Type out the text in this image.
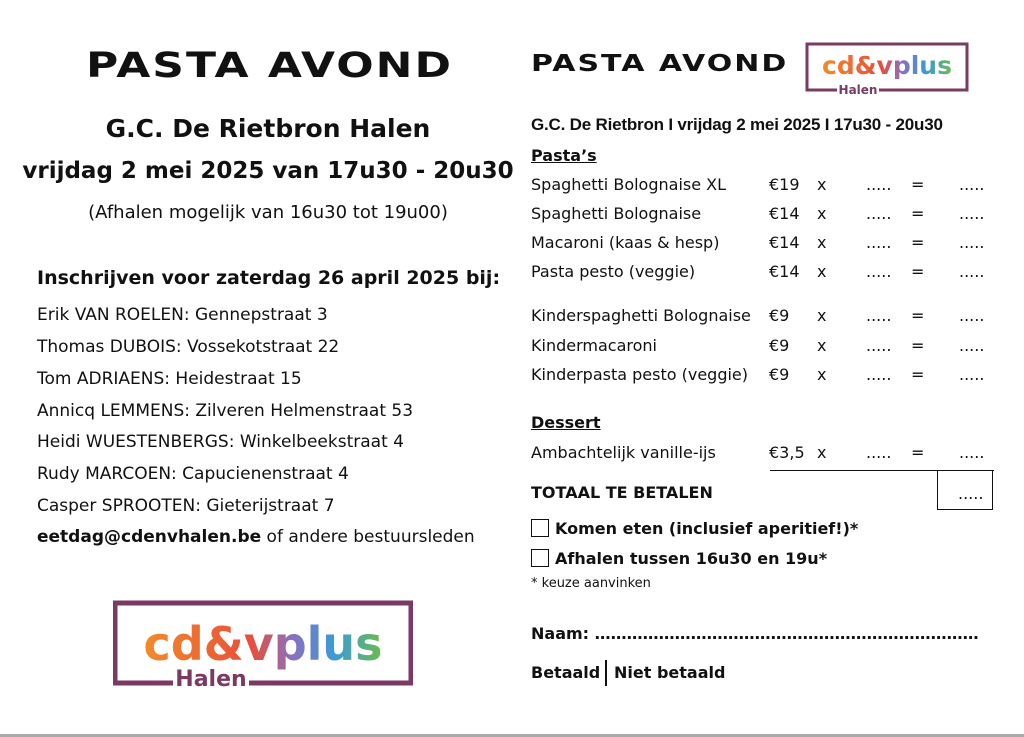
PASTA AVOND
G.C. De Rietbron Halen
vrijdag 2 mei 2025 van 17u30 - 20u30
(Afhalen mogelijk van 16u30 tot 19u00)
Inschrijven voor zaterdag 26 april 2025 bij:
Erik VAN ROELEN: Gennepstraat 3
Thomas DUBOIS: Vossekotstraat 22
Tom ADRIAENS: Heidestraat 15
Annicq LEMMENS: Zilveren Helmenstraat 53
Heidi WUESTENBERGS: Winkelbeekstraat 4
Rudy MARCOEN: Capucienenstraat 4
Casper SPROOTEN: Gieterijstraat 7
eetdag@cdenvhalen.be of andere bestuursleden
cd&vplus
Halen
PASTA AVOND cd&vplus
Halen
G.C. De Rietbron I vrijdag 2 mei 2025 I 17u30 - 20u30
Pasta’s
Spaghetti Bolognaise XL	€19 x ..... = .....
Spaghetti Bolognaise	€14 x ..... = .....
Macaroni (kaas & hesp)	€14 x ..... = .....
Pasta pesto (veggie)	€14 x ..... = .....
Kinderspaghetti Bolognaise €9 x ..... = .....
Kindermacaroni	€9 x ..... = .....
Kinderpasta pesto (veggie) €9 x ..... = .....
Dessert
Ambachtelijk vanille-ijs	€3,5 x ..... = .....
TOTAAL TE BETALEN	.....
Komen eten (inclusief aperitief!)*
Afhalen tussen 16u30 en 19u*
* keuze aanvinken
Naam: ………………………………………………………………
Betaald Niet betaald
